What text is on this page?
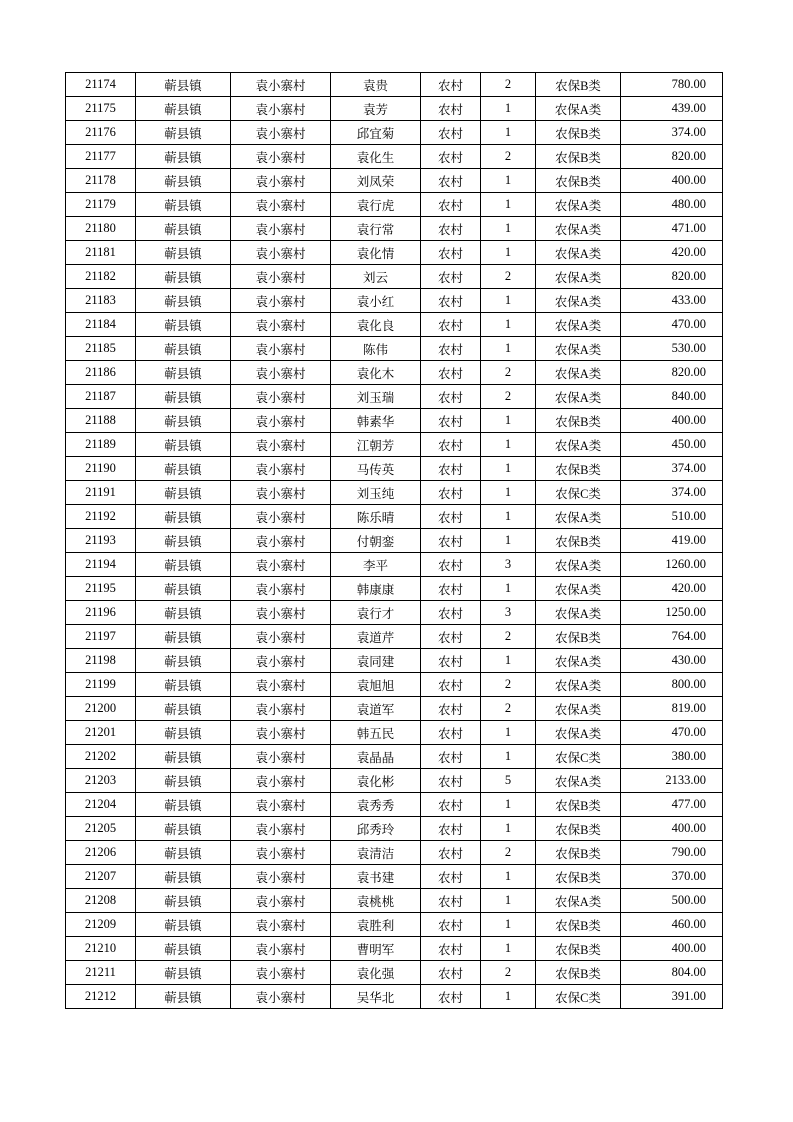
21174	蕲县镇	袁小寨村	袁贵	农村	2	农保B类	780.00
21175	蕲县镇	袁小寨村	袁芳	农村	1	农保A类	439.00
21176	蕲县镇	袁小寨村	邱宜菊	农村	1	农保B类	374.00
21177	蕲县镇	袁小寨村	袁化生	农村	2	农保B类	820.00
21178	蕲县镇	袁小寨村	刘凤荣	农村	1	农保B类	400.00
21179	蕲县镇	袁小寨村	袁行虎	农村	1	农保A类	480.00
21180	蕲县镇	袁小寨村	袁行常	农村	1	农保A类	471.00
21181	蕲县镇	袁小寨村	袁化情	农村	1	农保A类	420.00
21182	蕲县镇	袁小寨村	刘云	农村	2	农保A类	820.00
21183	蕲县镇	袁小寨村	袁小红	农村	1	农保A类	433.00
21184	蕲县镇	袁小寨村	袁化良	农村	1	农保A类	470.00
21185	蕲县镇	袁小寨村	陈伟	农村	1	农保A类	530.00
21186	蕲县镇	袁小寨村	袁化木	农村	2	农保A类	820.00
21187	蕲县镇	袁小寨村	刘玉瑞	农村	2	农保A类	840.00
21188	蕲县镇	袁小寨村	韩素华	农村	1	农保B类	400.00
21189	蕲县镇	袁小寨村	江朝芳	农村	1	农保A类	450.00
21190	蕲县镇	袁小寨村	马传英	农村	1	农保B类	374.00
21191	蕲县镇	袁小寨村	刘玉纯	农村	1	农保C类	374.00
21192	蕲县镇	袁小寨村	陈乐晴	农村	1	农保A类	510.00
21193	蕲县镇	袁小寨村	付朝銮	农村	1	农保B类	419.00
21194	蕲县镇	袁小寨村	李平	农村	3	农保A类	1260.00
21195	蕲县镇	袁小寨村	韩康康	农村	1	农保A类	420.00
21196	蕲县镇	袁小寨村	袁行才	农村	3	农保A类	1250.00
21197	蕲县镇	袁小寨村	袁道芹	农村	2	农保B类	764.00
21198	蕲县镇	袁小寨村	袁同建	农村	1	农保A类	430.00
21199	蕲县镇	袁小寨村	袁旭旭	农村	2	农保A类	800.00
21200	蕲县镇	袁小寨村	袁道军	农村	2	农保A类	819.00
21201	蕲县镇	袁小寨村	韩五民	农村	1	农保A类	470.00
21202	蕲县镇	袁小寨村	袁晶晶	农村	1	农保C类	380.00
21203	蕲县镇	袁小寨村	袁化彬	农村	5	农保A类	2133.00
21204	蕲县镇	袁小寨村	袁秀秀	农村	1	农保B类	477.00
21205	蕲县镇	袁小寨村	邱秀玲	农村	1	农保B类	400.00
21206	蕲县镇	袁小寨村	袁清洁	农村	2	农保B类	790.00
21207	蕲县镇	袁小寨村	袁书建	农村	1	农保B类	370.00
21208	蕲县镇	袁小寨村	袁桃桃	农村	1	农保A类	500.00
21209	蕲县镇	袁小寨村	袁胜利	农村	1	农保B类	460.00
21210	蕲县镇	袁小寨村	曹明军	农村	1	农保B类	400.00
21211	蕲县镇	袁小寨村	袁化强	农村	2	农保B类	804.00
21212	蕲县镇	袁小寨村	吴华北	农村	1	农保C类	391.00
